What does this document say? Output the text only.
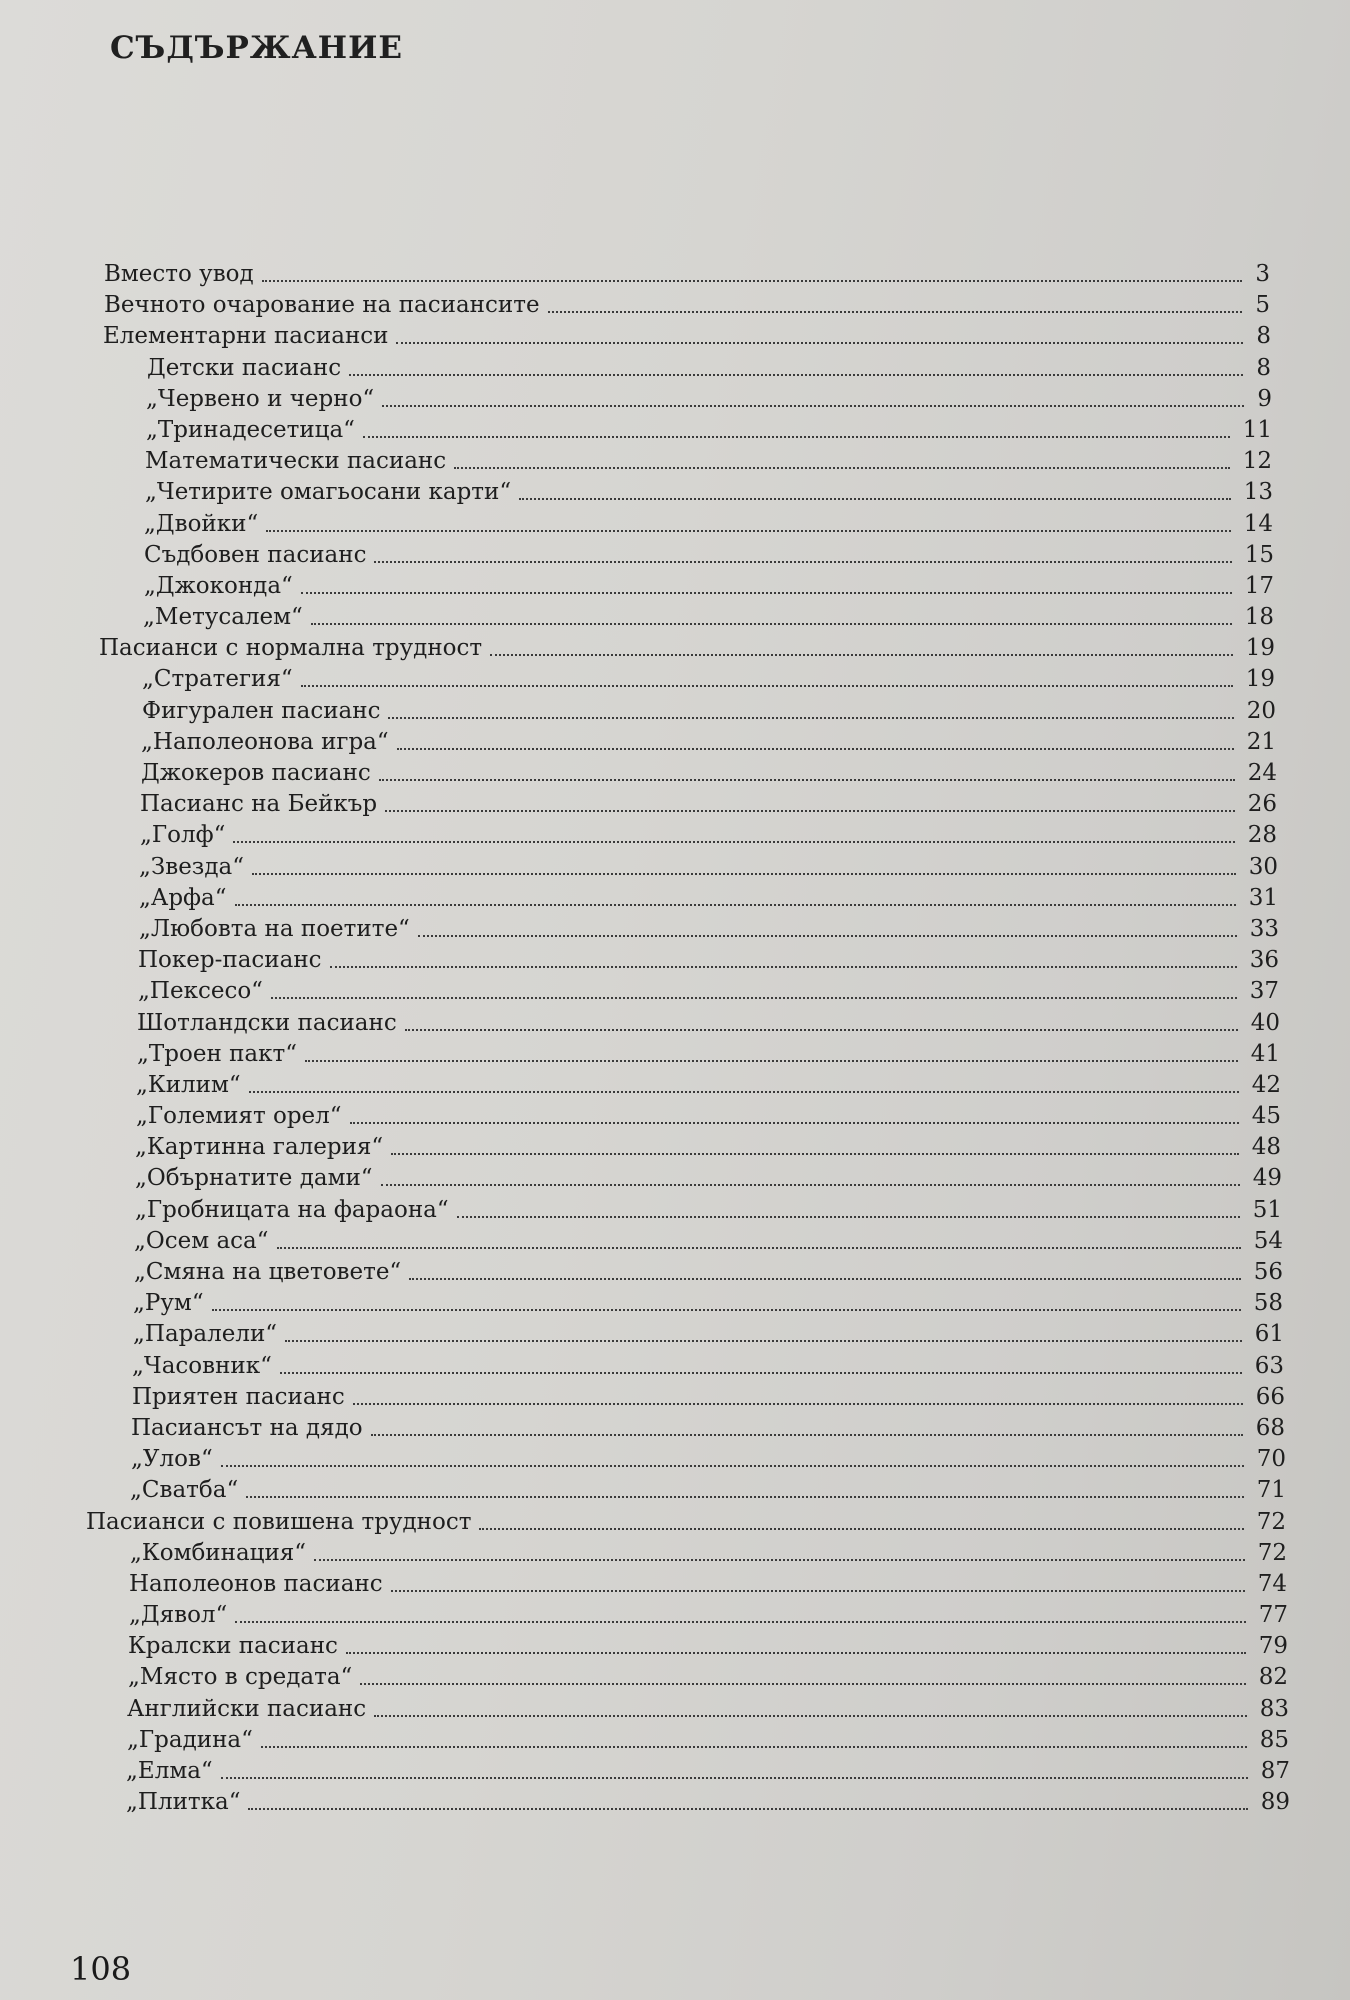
СЪДЪРЖАНИЕ
Вместо увод	3
Вечното очарование на пасиансите	5
Елементарни пасианси	8
Детски пасианс	8
„Червено и черно“	9
„Тринадесетица“	11
Математически пасианс	12
„Четирите омагьосани карти“	13
„Двойки“	14
Съдбовен пасианс	15
„Джоконда“	17
„Метусалем“	18
Пасианси с нормална трудност	19
„Стратегия“	19
Фигурален пасианс	20
„Наполеонова игра“	21
Джокеров пасианс	24
Пасианс на Бейкър	26
„Голф“	28
„Звезда“	30
„Арфа“	31
„Любовта на поетите“	33
Покер-пасианс	36
„Пексесо“	37
Шотландски пасианс	40
„Троен пакт“	41
„Килим“	42
„Големият орел“	45
„Картинна галерия“	48
„Обърнатите дами“	49
„Гробницата на фараона“	51
„Осем аса“	54
„Смяна на цветовете“	56
„Рум“	58
„Паралели“	61
„Часовник“	63
Приятен пасианс	66
Пасиансът на дядо	68
„Улов“	70
„Сватба“	71
Пасианси с повишена трудност	72
„Комбинация“	72
Наполеонов пасианс	74
„Дявол“	77
Кралски пасианс	79
„Място в средата“	82
Английски пасианс	83
„Градина“	85
„Елма“	87
„Плитка“	89

108
